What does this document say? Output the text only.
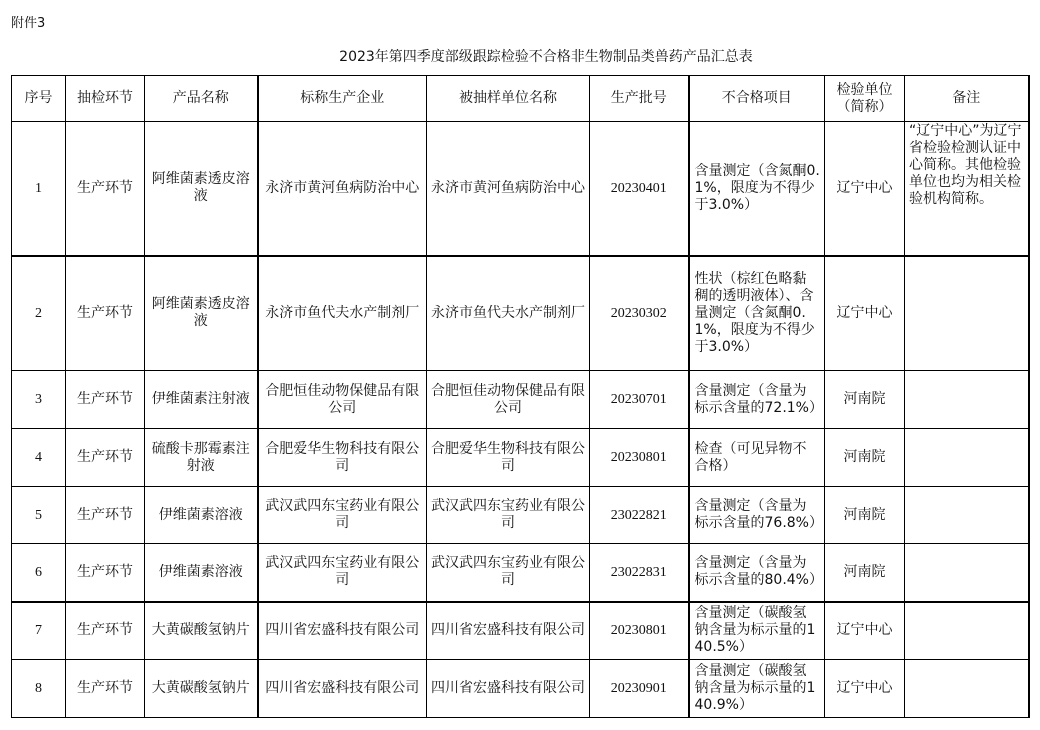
附件3
2023年第四季度部级跟踪检验不合格非生物制品类兽药产品汇总表
序号	抽检环节	产品名称	标称生产企业	被抽样单位名称	生产批号	不合格项目	检验单位（简称）	备注
1	生产环节	阿维菌素透皮溶液	永济市黄河鱼病防治中心	永济市黄河鱼病防治中心	20230401	含量测定（含氮酮0.1%，限度为不得少于3.0%）	辽宁中心	“辽宁中心”为辽宁省检验检测认证中心简称。其他检验单位也均为相关检验机构简称。
2	生产环节	阿维菌素透皮溶液	永济市鱼代夫水产制剂厂	永济市鱼代夫水产制剂厂	20230302	性状（棕红色略黏稠的透明液体）、含量测定（含氮酮0.1%，限度为不得少于3.0%）	辽宁中心	
3	生产环节	伊维菌素注射液	合肥恒佳动物保健品有限公司	合肥恒佳动物保健品有限公司	20230701	含量测定（含量为标示含量的72.1%）	河南院	
4	生产环节	硫酸卡那霉素注射液	合肥爱华生物科技有限公司	合肥爱华生物科技有限公司	20230801	检查（可见异物不合格）	河南院	
5	生产环节	伊维菌素溶液	武汉武四东宝药业有限公司	武汉武四东宝药业有限公司	23022821	含量测定（含量为标示含量的76.8%）	河南院	
6	生产环节	伊维菌素溶液	武汉武四东宝药业有限公司	武汉武四东宝药业有限公司	23022831	含量测定（含量为标示含量的80.4%）	河南院	
7	生产环节	大黄碳酸氢钠片	四川省宏盛科技有限公司	四川省宏盛科技有限公司	20230801	含量测定（碳酸氢钠含量为标示量的140.5%）	辽宁中心	
8	生产环节	大黄碳酸氢钠片	四川省宏盛科技有限公司	四川省宏盛科技有限公司	20230901	含量测定（碳酸氢钠含量为标示量的140.9%）	辽宁中心	
